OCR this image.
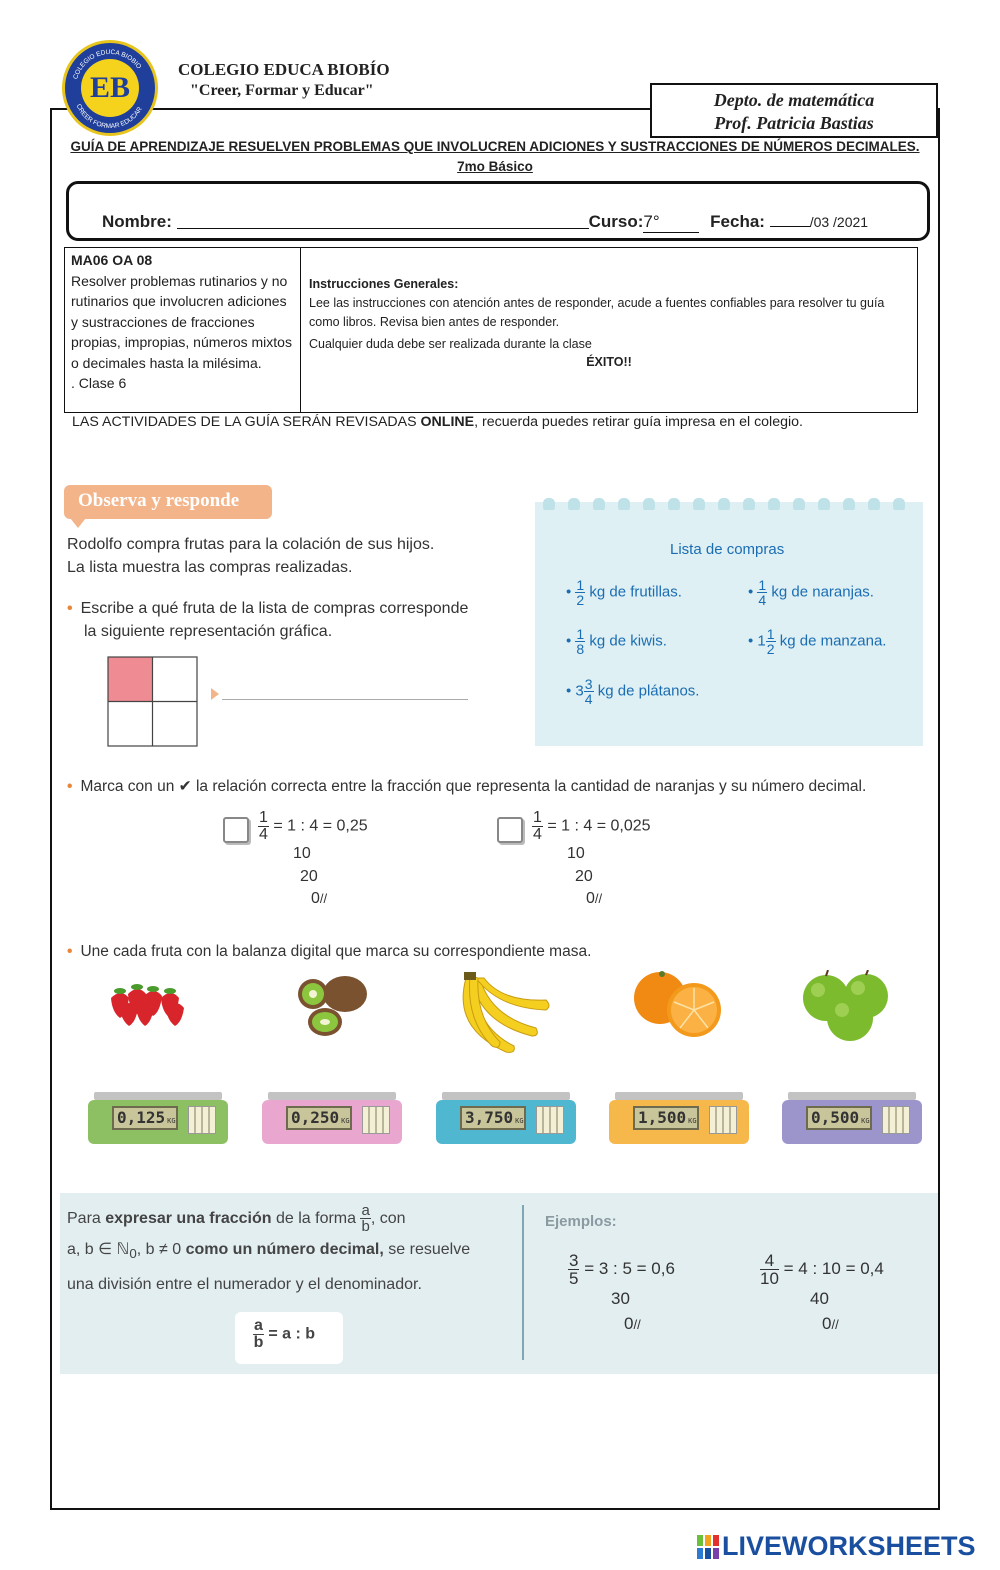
COLEGIO EDUCA BIOBIO
CREER FORMAR EDUCAR
EB
COLEGIO EDUCA BIOBÍO
"Creer, Formar y Educar"	Depto. de matemática
Prof. Patricia Bastias
GUÍA DE APRENDIZAJE RESUELVEN PROBLEMAS QUE INVOLUCREN ADICIONES Y SUSTRACCIONES DE NÚMEROS DECIMALES.
7mo Básico
Nombre:	Curso:7°	Fecha:	/03 /2021
MA06 OA 08
Resolver problemas rutinarios y no rutinarios que involucren adiciones y sustracciones de fracciones propias, impropias, números mixtos o decimales hasta la milésima.
. Clase 6
Instrucciones Generales:
Lee las instrucciones con atención antes de responder, acude a fuentes confiables para resolver tu guía como libros. Revisa bien antes de responder.
Cualquier duda debe ser realizada durante la clase
ÉXITO!!
LAS ACTIVIDADES DE LA GUÍA SERÁN REVISADAS ONLINE, recuerda puedes retirar guía impresa en el colegio.
Observa y responde
Rodolfo compra frutas para la colación de sus hijos.
La lista muestra las compras realizadas.
• Escribe a qué fruta de la lista de compras corresponde
la siguiente representación gráfica.
Lista de compras
• $\frac{1}{2}$ kg de frutillas.	• $\frac{1}{4}$ kg de naranjas.
• $\frac{1}{8}$ kg de kiwis.	• $1 \frac{1}{2}$ kg de manzana.
• $3 \frac{3}{4}$ kg de plátanos.
• Marca con un ✔ la relación correcta entre la fracción que representa la cantidad de naranjas y su número decimal.
$\frac{1}{4} = 1$ : 4 = 0,25
10
20
0//
$\frac{1}{4} = 1$ : 4 = 0,025
10
20
0//
• Une cada fruta con la balanza digital que marca su correspondiente masa.
0,125 KG	0,250 KG	3,750 KG	1,500 KG	0,500 KG
Para expresar una fracción de la forma $\frac{a}{b}$ , con
a, b ∈ ℕ$_0$, b ≠ 0 como un número decimal, se resuelve
una división entre el numerador y el denominador.
$\frac{a}{b} = a$ : b
Ejemplos:
$\frac{3}{5} = 3$ : 5 = 0,6
30
0//
$\frac{4}{10} = 4$ : 10 = 0,4
40
0//
LIVEWORKSHEETS
